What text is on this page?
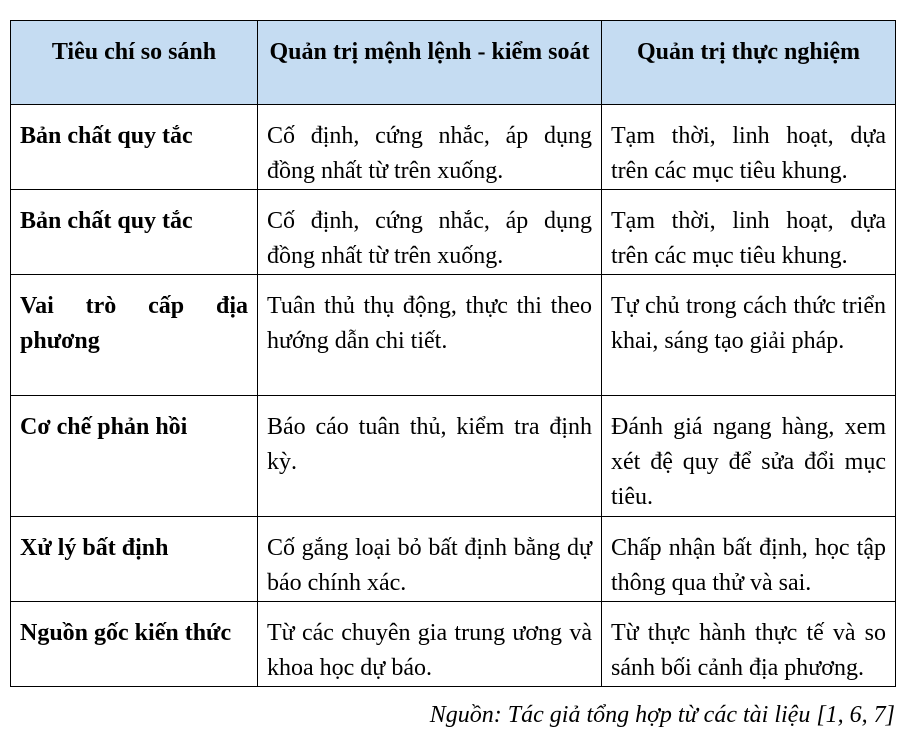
Tiêu chí so sánh	Quản trị mệnh lệnh - kiểm soát	Quản trị thực nghiệm
Bản chất quy tắc	Cố định, cứng nhắc, áp dụng đồng nhất từ trên xuống.	Tạm thời, linh hoạt, dựa trên các mục tiêu khung.
Bản chất quy tắc	Cố định, cứng nhắc, áp dụng đồng nhất từ trên xuống.	Tạm thời, linh hoạt, dựa trên các mục tiêu khung.
Vai trò cấp địa phương	Tuân thủ thụ động, thực thi theo hướng dẫn chi tiết.	Tự chủ trong cách thức triển khai, sáng tạo giải pháp.
Cơ chế phản hồi	Báo cáo tuân thủ, kiểm tra định kỳ.	Đánh giá ngang hàng, xem xét đệ quy để sửa đổi mục tiêu.
Xử lý bất định	Cố gắng loại bỏ bất định bằng dự báo chính xác.	Chấp nhận bất định, học tập thông qua thử và sai.
Nguồn gốc kiến thức	Từ các chuyên gia trung ương và khoa học dự báo.	Từ thực hành thực tế và so sánh bối cảnh địa phương.
Nguồn: Tác giả tổng hợp từ các tài liệu [1, 6, 7]
